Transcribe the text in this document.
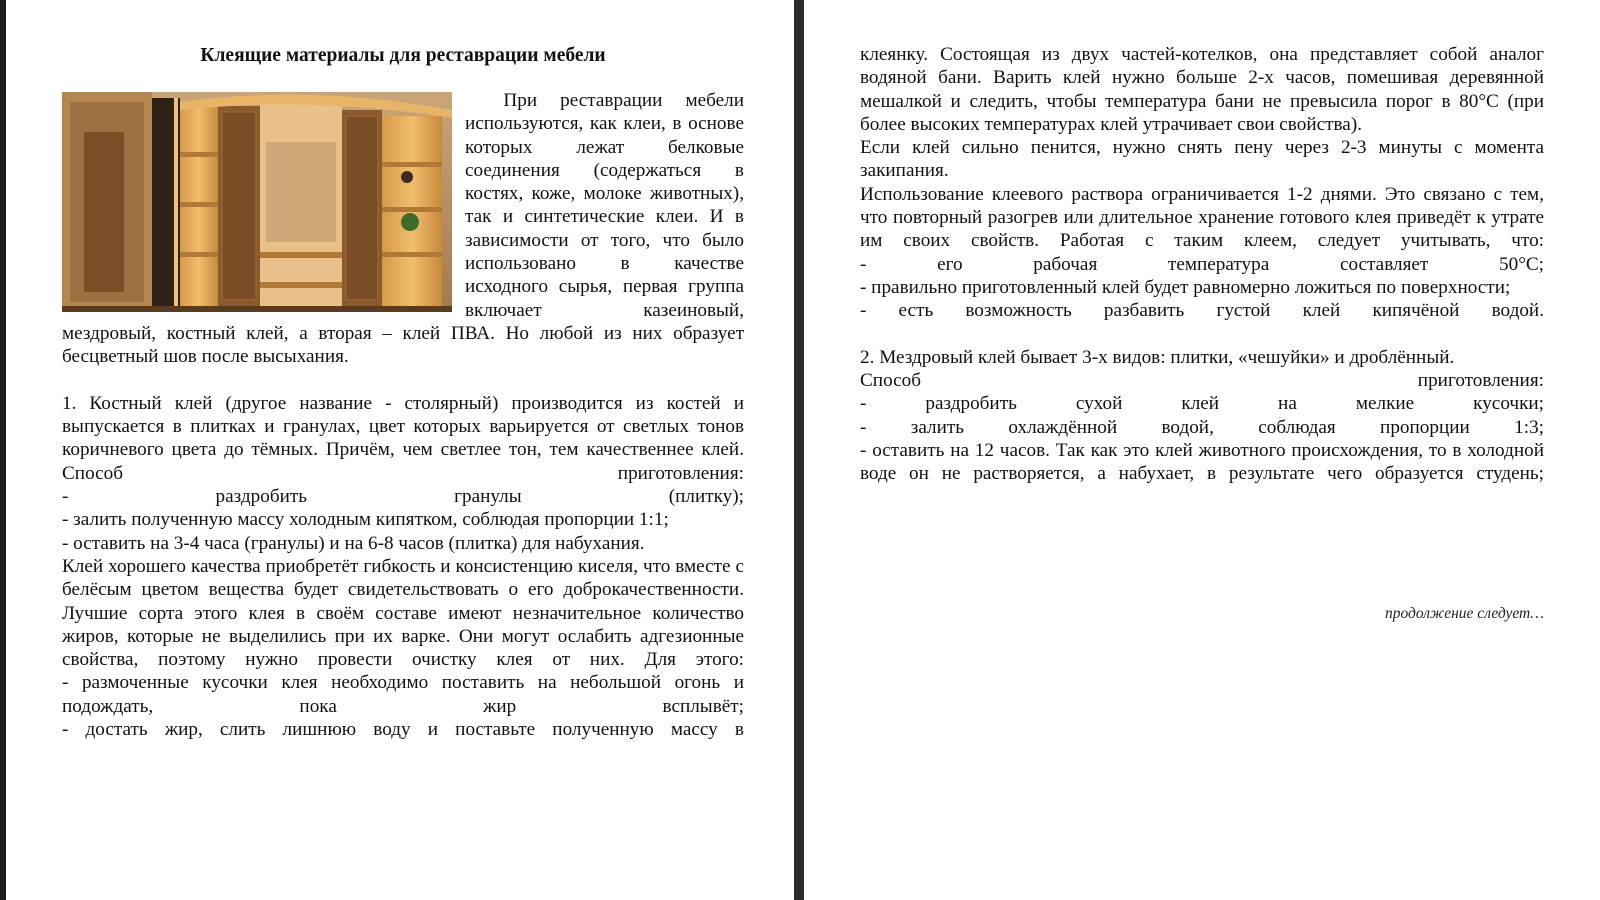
Клеящие материалы для реставрации мебели

При реставрации мебели используются, как клеи, в основе которых лежат белковые соединения (содержаться в костях, коже, молоке животных), так и синтетические клеи. И в зависимости от того, что было использовано в качестве исходного сырья, первая группа включает казеиновый, мездровый, костный клей, а вторая – клей ПВА. Но любой из них образует бесцветный шов после высыхания.

1. Костный клей (другое название - столярный) производится из костей и выпускается в плитках и гранулах, цвет которых варьируется от светлых тонов коричневого цвета до тёмных. Причём, чем светлее тон, тем качественнее клей.

Способ приготовления:

- раздробить гранулы (плитку);

- залить полученную массу холодным кипятком, соблюдая пропорции 1:1;

- оставить на 3-4 часа (гранулы) и на 6-8 часов (плитка) для набухания.

Клей хорошего качества приобретёт гибкость и консистенцию киселя, что вместе с белёсым цветом вещества будет свидетельствовать о его доброкачественности. Лучшие сорта этого клея в своём составе имеют незначительное количество жиров, которые не выделились при их варке. Они могут ослабить адгезионные свойства, поэтому нужно провести очистку клея от них. Для этого:

- размоченные кусочки клея необходимо поставить на небольшой огонь и подождать, пока жир всплывёт;

- достать жир, слить лишнюю воду и поставьте полученную массу в

клеянку. Состоящая из двух частей-котелков, она представляет собой аналог водяной бани. Варить клей нужно больше 2-х часов, помешивая деревянной мешалкой и следить, чтобы температура бани не превысила порог в 80°С (при более высоких температурах клей утрачивает свои свойства).

Если клей сильно пенится, нужно снять пену через 2-3 минуты с момента закипания.

Использование клеевого раствора ограничивается 1-2 днями. Это связано с тем, что повторный разогрев или длительное хранение готового клея приведёт к утрате им своих свойств. Работая с таким клеем, следует учитывать, что:

- его рабочая температура составляет 50°С;

- правильно приготовленный клей будет равномерно ложиться по поверхности;

- есть возможность разбавить густой клей кипячёной водой.

2. Мездровый клей бывает 3-х видов: плитки, «чешуйки» и дроблённый.

Способ приготовления:

- раздробить сухой клей на мелкие кусочки;

- залить охлаждённой водой, соблюдая пропорции 1:3;

- оставить на 12 часов. Так как это клей животного происхождения, то в холодной воде он не растворяется, а набухает, в результате чего образуется студень;

продолжение следует…
